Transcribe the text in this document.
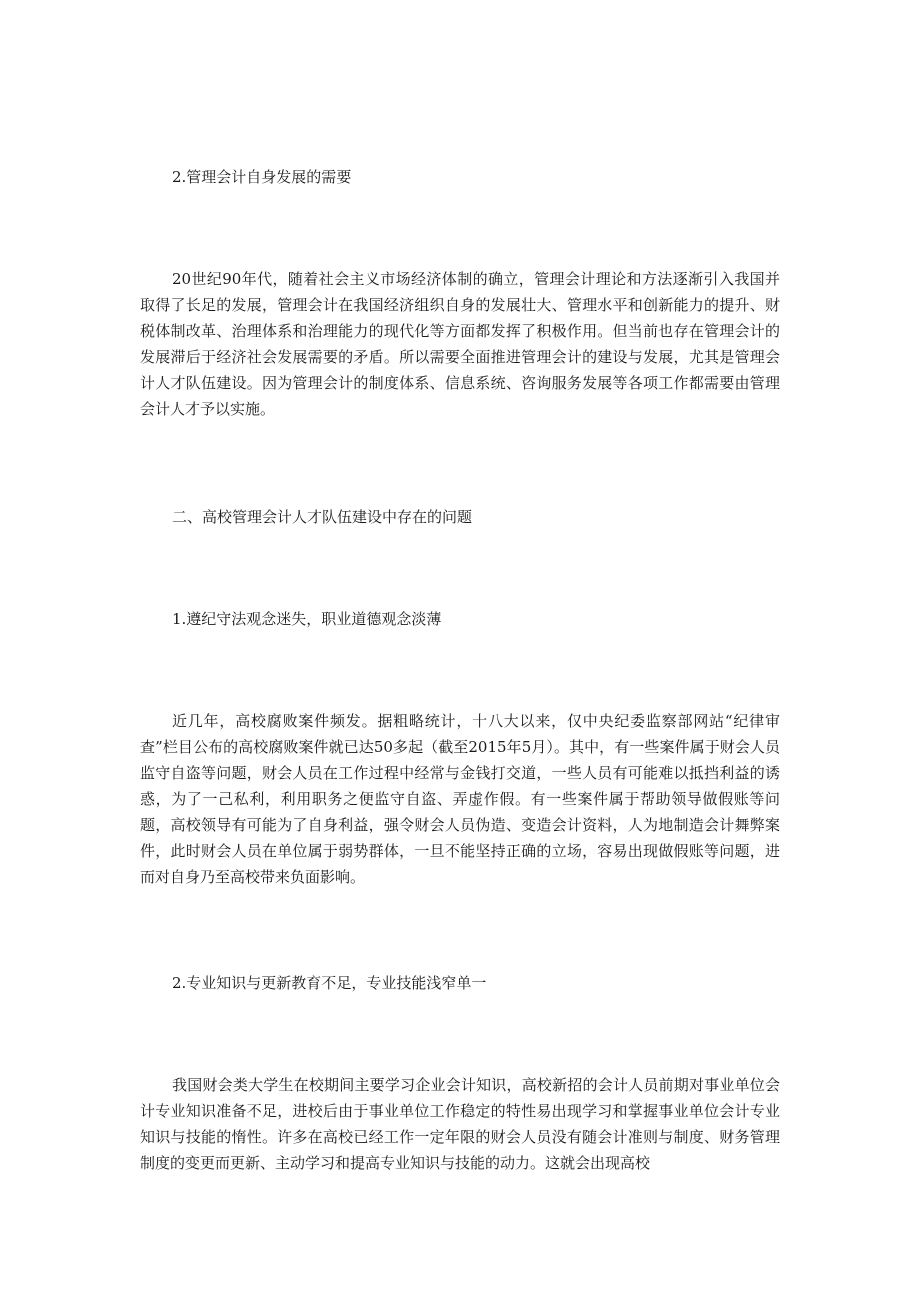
2.管理会计自身发展的需要

20世纪90年代，随着社会主义市场经济体制的确立，管理会计理论和方法逐渐引入我国并取得了长足的发展，管理会计在我国经济组织自身的发展壮大、管理水平和创新能力的提升、财税体制改革、治理体系和治理能力的现代化等方面都发挥了积极作用。但当前也存在管理会计的发展滞后于经济社会发展需要的矛盾。所以需要全面推进管理会计的建设与发展，尤其是管理会计人才队伍建设。因为管理会计的制度体系、信息系统、咨询服务发展等各项工作都需要由管理会计人才予以实施。

二、高校管理会计人才队伍建设中存在的问题

1.遵纪守法观念迷失，职业道德观念淡薄

近几年，高校腐败案件频发。据粗略统计，十八大以来，仅中央纪委监察部网站“纪律审查”栏目公布的高校腐败案件就已达50多起（截至2015年5月）。其中，有一些案件属于财会人员监守自盗等问题，财会人员在工作过程中经常与金钱打交道，一些人员有可能难以抵挡利益的诱惑，为了一己私利，利用职务之便监守自盗、弄虚作假。有一些案件属于帮助领导做假账等问题，高校领导有可能为了自身利益，强令财会人员伪造、变造会计资料，人为地制造会计舞弊案件，此时财会人员在单位属于弱势群体，一旦不能坚持正确的立场，容易出现做假账等问题，进而对自身乃至高校带来负面影响。

2.专业知识与更新教育不足，专业技能浅窄单一

我国财会类大学生在校期间主要学习企业会计知识，高校新招的会计人员前期对事业单位会计专业知识准备不足，进校后由于事业单位工作稳定的特性易出现学习和掌握事业单位会计专业知识与技能的惰性。许多在高校已经工作一定年限的财会人员没有随会计准则与制度、财务管理制度的变更而更新、主动学习和提高专业知识与技能的动力。这就会出现高校
